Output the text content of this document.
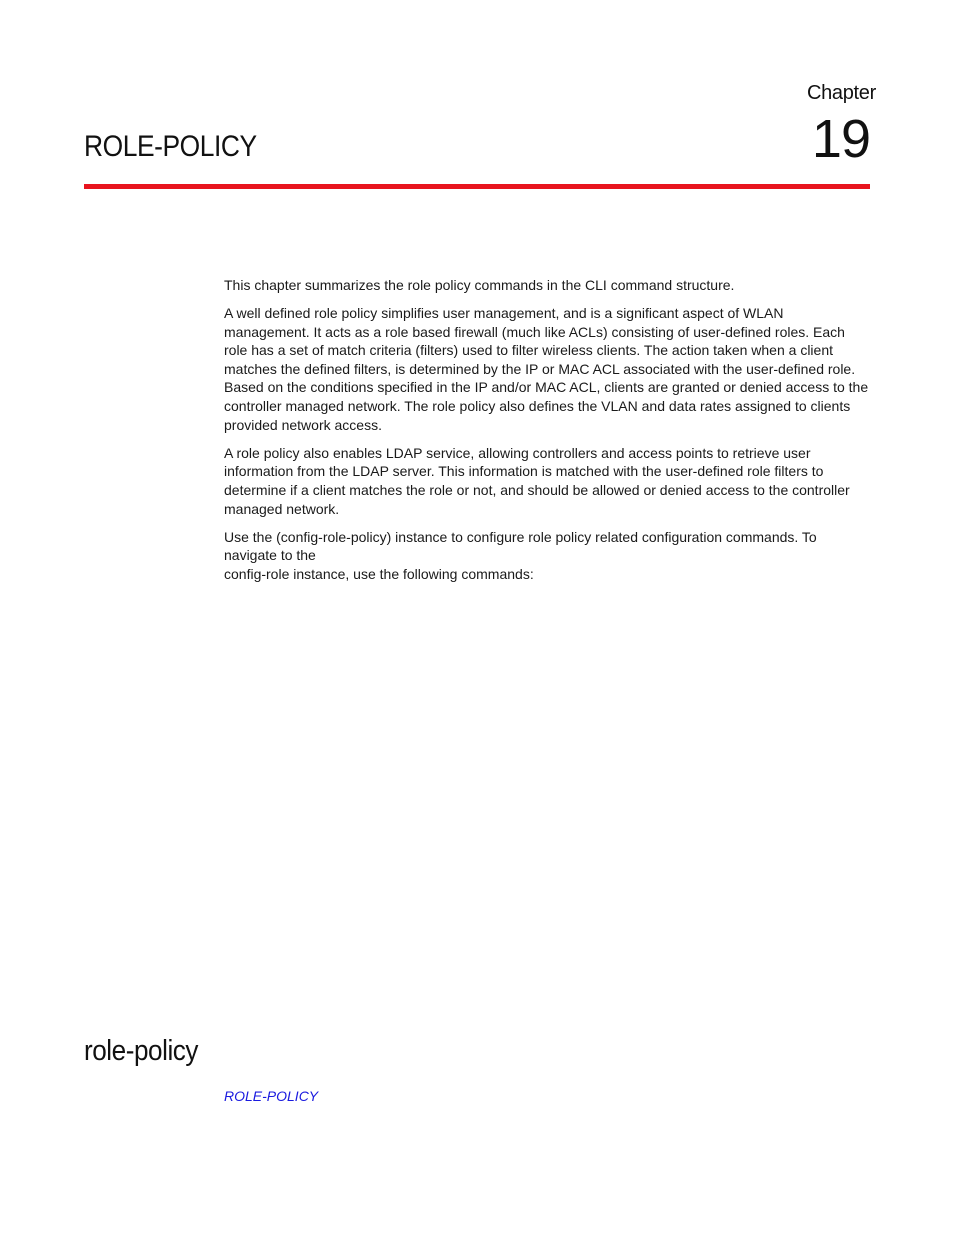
Chapter
19
ROLE-POLICY

This chapter summarizes the role policy commands in the CLI command structure.

A well defined role policy simplifies user management, and is a significant aspect of WLAN management. It acts as a role based firewall (much like ACLs) consisting of user-defined roles. Each role has a set of match criteria (filters) used to filter wireless clients. The action taken when a client matches the defined filters, is determined by the IP or MAC ACL associated with the user-defined role. Based on the conditions specified in the IP and/or MAC ACL, clients are granted or denied access to the controller managed network. The role policy also defines the VLAN and data rates assigned to clients provided network access.

A role policy also enables LDAP service, allowing controllers and access points to retrieve user information from the LDAP server. This information is matched with the user-defined role filters to determine if a client matches the role or not, and should be allowed or denied access to the controller managed network.

Use the (config-role-policy) instance to configure role policy related configuration commands. To navigate to the

config-role instance, use the following commands:

role-policy
ROLE-POLICY
